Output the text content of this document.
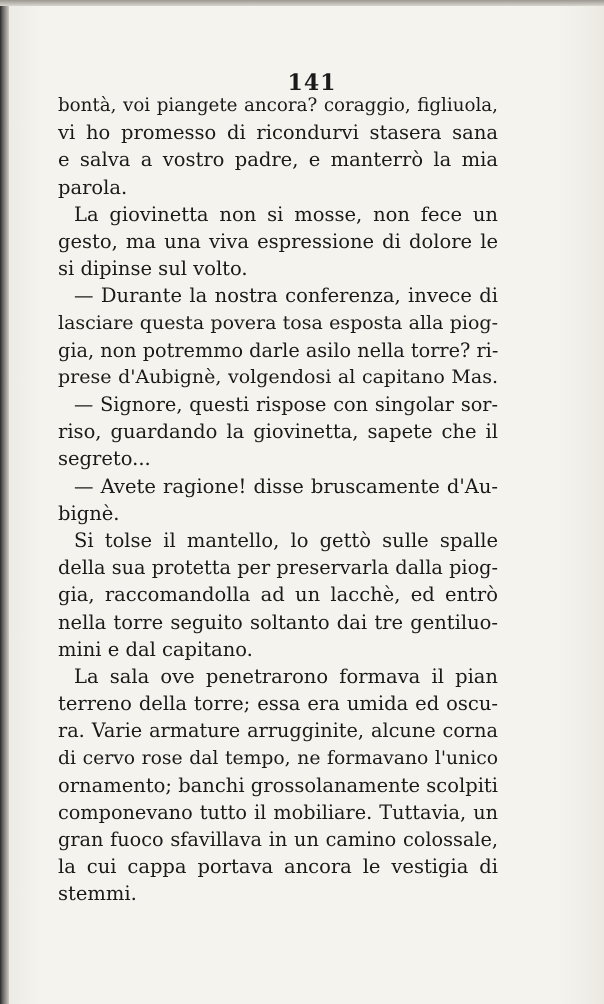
141
bontà, voi piangete ancora? coraggio, figliuola,
vi ho promesso di ricondurvi stasera sana
e salva a vostro padre, e manterrò la mia
parola.
La giovinetta non si mosse, non fece un
gesto, ma una viva espressione di dolore le
si dipinse sul volto.
— Durante la nostra conferenza, invece di
lasciare questa povera tosa esposta alla piog-
gia, non potremmo darle asilo nella torre? ri-
prese d'Aubignè, volgendosi al capitano Mas.
— Signore, questi rispose con singolar sor-
riso, guardando la giovinetta, sapete che il
segreto...
— Avete ragione! disse bruscamente d'Au-
bignè.
Si tolse il mantello, lo gettò sulle spalle
della sua protetta per preservarla dalla piog-
gia, raccomandolla ad un lacchè, ed entrò
nella torre seguito soltanto dai tre gentiluo-
mini e dal capitano.
La sala ove penetrarono formava il pian
terreno della torre; essa era umida ed oscu-
ra. Varie armature arrugginite, alcune corna
di cervo rose dal tempo, ne formavano l'unico
ornamento; banchi grossolanamente scolpiti
componevano tutto il mobiliare. Tuttavia, un
gran fuoco sfavillava in un camino colossale,
la cui cappa portava ancora le vestigia di
stemmi.
